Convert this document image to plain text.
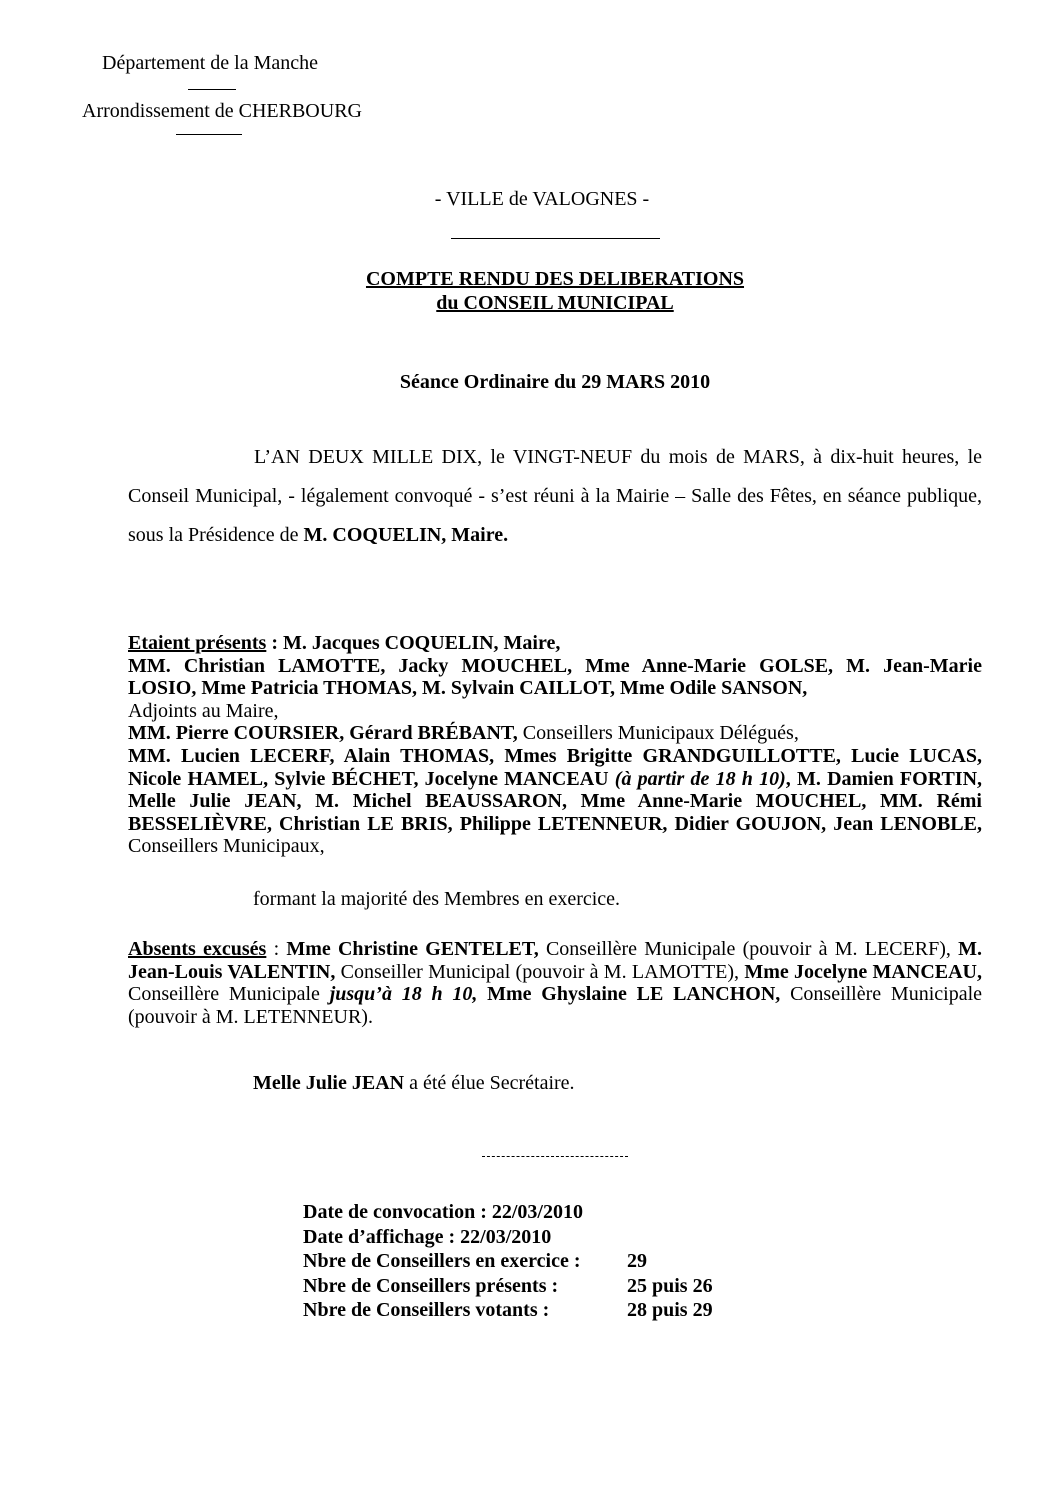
Département de la Manche
Arrondissement de CHERBOURG
- VILLE de VALOGNES -
COMPTE RENDU DES DELIBERATIONS
du CONSEIL MUNICIPAL
Séance Ordinaire du 29 MARS 2010
L’AN DEUX MILLE DIX, le VINGT-NEUF du mois de MARS, à dix-huit heures, le Conseil Municipal, - légalement convoqué - s’est réuni à la Mairie – Salle des Fêtes, en séance publique, sous la Présidence de M. COQUELIN, Maire.

Etaient présents : M. Jacques COQUELIN, Maire,

MM. Christian LAMOTTE, Jacky MOUCHEL, Mme Anne-Marie GOLSE, M. Jean-Marie LOSIO, Mme Patricia THOMAS, M. Sylvain CAILLOT, Mme Odile SANSON,

Adjoints au Maire,

MM. Pierre COURSIER, Gérard BRÉBANT, Conseillers Municipaux Délégués,

MM. Lucien LECERF, Alain THOMAS, Mmes Brigitte GRANDGUILLOTTE, Lucie LUCAS, Nicole HAMEL, Sylvie BÉCHET, Jocelyne MANCEAU (à partir de 18 h 10), M. Damien FORTIN, Melle Julie JEAN, M. Michel BEAUSSARON, Mme Anne-Marie MOUCHEL, MM. Rémi BESSELIÈVRE, Christian LE BRIS, Philippe LETENNEUR, Didier GOUJON, Jean LENOBLE, Conseillers Municipaux,

formant la majorité des Membres en exercice.

Absents excusés : Mme Christine GENTELET, Conseillère Municipale (pouvoir à M. LECERF), M. Jean-Louis VALENTIN, Conseiller Municipal (pouvoir à M. LAMOTTE), Mme Jocelyne MANCEAU, Conseillère Municipale jusqu’à 18 h 10, Mme Ghyslaine LE LANCHON, Conseillère Municipale (pouvoir à M. LETENNEUR).

Melle Julie JEAN a été élue Secrétaire.
Date de convocation : 22/03/2010
Date d’affichage : 22/03/2010
Nbre de Conseillers en exercice :	29
Nbre de Conseillers présents :	25 puis 26
Nbre de Conseillers votants :	28 puis 29
